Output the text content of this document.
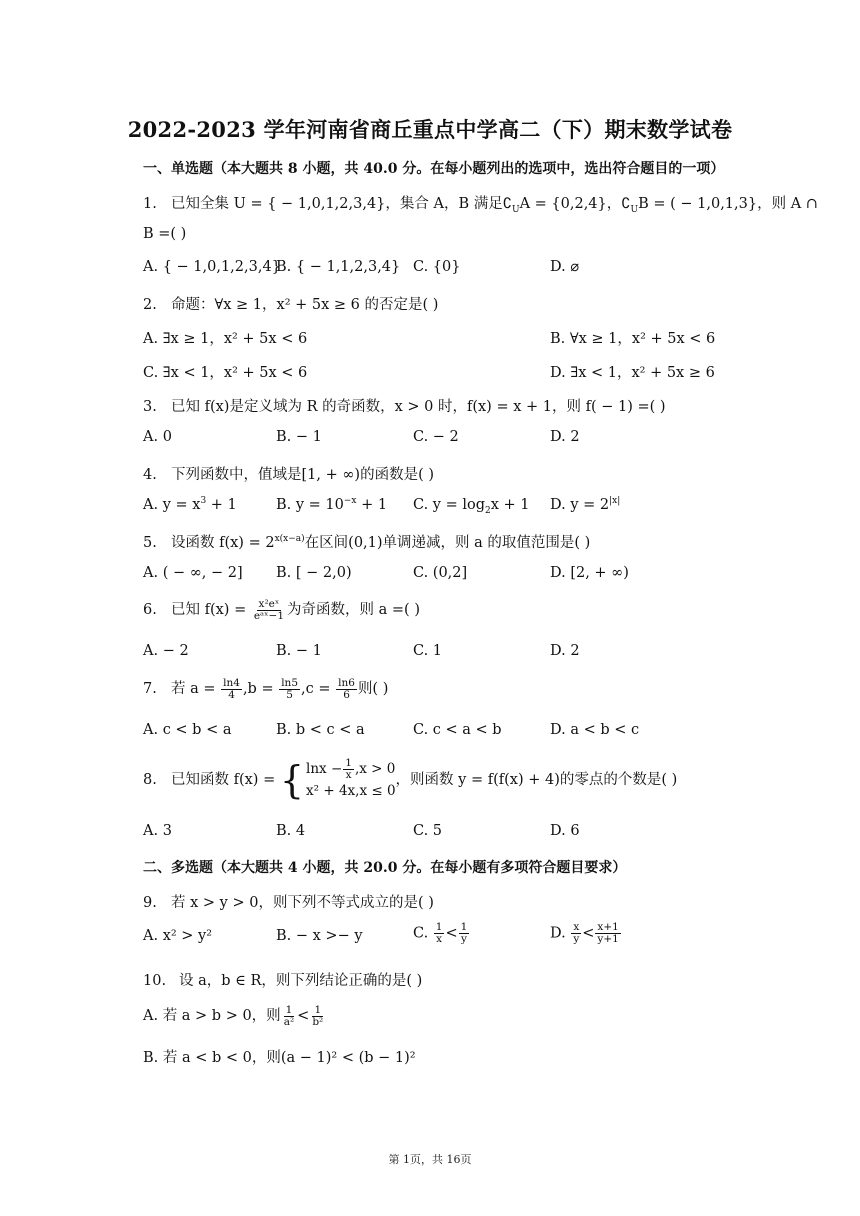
2022-2023 学年河南省商丘重点中学高二（下）期末数学试卷
一、单选题（本大题共 8 小题，共 40.0 分。在每小题列出的选项中，选出符合题目的一项）
1. 已知全集 U = { − 1,0,1,2,3,4}，集合 A，B 满足$∁_UA = \{0,2,4\}$，$∁_UB$ = ( − 1,0,1,3}，则 A ∩
B =( )
A. { − 1,0,1,2,3,4}
B. { − 1,1,2,3,4} C. {0}	D. ⌀
2. 命题：∀x ≥ 1，x² + 5x ≥ 6 的否定是( )
A. ∃x ≥ 1，x² + 5x < 6	B. ∀x ≥ 1，x² + 5x < 6
C. ∃x < 1，x² + 5x < 6	D. ∃x < 1，x² + 5x ≥ 6
3. 已知 f(x)是定义域为 R 的奇函数，x > 0 时，f(x) = x + 1，则 f( − 1) =( )
A. 0	B. − 1	C. − 2	D. 2
4. 下列函数中，值域是[1, + ∞)的函数是( )
A. $y = x^3 + 1$	B. $y = 10^{-x} + 1$ C. $y = \log_2x + 1$ D. $y = 2^{|x|}$
5. 设函数 $f(x) = 2^{x(x-a)}$在区间(0,1)单调递减，则 a 的取值范围是( )
A. ( − ∞, − 2] B. [ − 2,0)	C. (0,2]	D. [2, + ∞)
6. 已知 $f(x) = \frac{\text{x²eˣ}}{\text{eᵃˣ−1}}$ 为奇函数，则 a =( )
A. − 2	B. − 1	C. 1	D. 2
7. 若 $a = \frac{\ln 4}{4} ,b = \frac{\ln 5}{5} ,c = \frac{\ln 6}{6}$ 则( )
A. c < b < a	B. b < c < a	C. c < a < b	D. a < b < c
8. 已知函数 f(x) = { $\ln x - \frac{1}{x} ,x > 0$
x² + 4x,x ≤ 0
，则函数 y = f(f(x) + 4)的零点的个数是( )
A. 3	B. 4	C. 5	D. 6
二、多选题（本大题共 4 小题，共 20.0 分。在每小题有多项符合题目要求）
9. 若 x > y > 0，则下列不等式成立的是( )
A. x² > y²	B. − x >− y	C. $\frac{1}{x} < \frac{1}{y}$	D. $\frac{x}{y} < \frac{x+1}{y+1}$
10. 设 a，b ∈ R，则下列结论正确的是( )
A. 若 a > b > 0，则 $\frac{1}{\text{a²}} < \frac{1}{\text{b²}}$
B. 若 a < b < 0，则(a − 1)² < (b − 1)²
第 1页，共 16页
